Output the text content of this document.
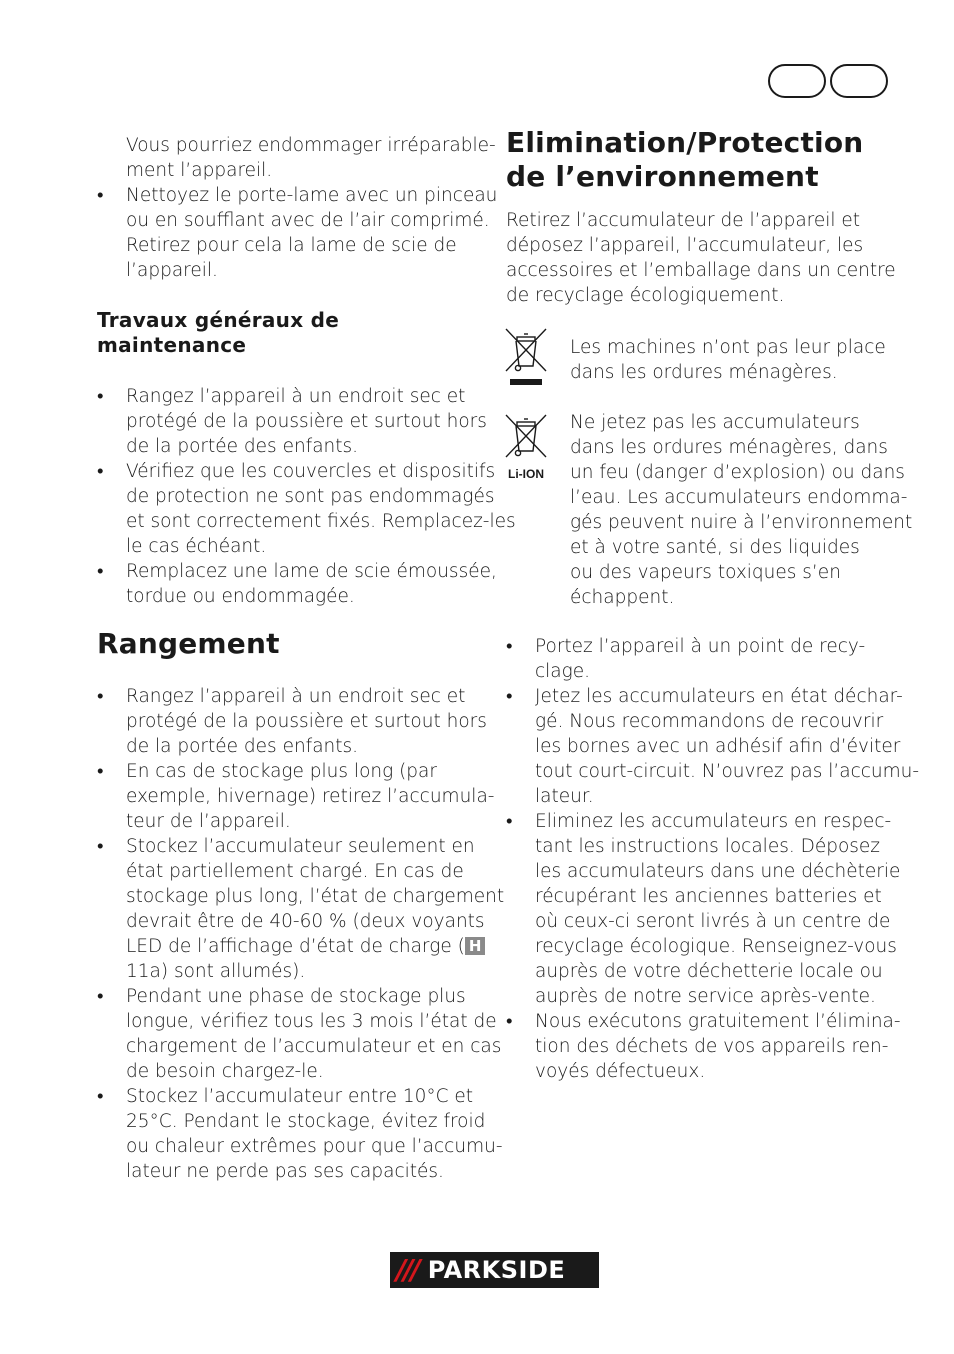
Vous pourriez endommager irréparable-
ment l’appareil.
• Nettoyez le porte-lame avec un pinceau
ou en soufflant avec de l’air comprimé.
Retirez pour cela la lame de scie de
l’appareil.
Travaux généraux de
maintenance
• Rangez l’appareil à un endroit sec et
protégé de la poussière et surtout hors
de la portée des enfants.
• Vérifiez que les couvercles et dispositifs
de protection ne sont pas endommagés
et sont correctement fixés. Remplacez-les
le cas échéant.
• Remplacez une lame de scie émoussée,
tordue ou endommagée.
Rangement
• Rangez l’appareil à un endroit sec et
protégé de la poussière et surtout hors
de la portée des enfants.
• En cas de stockage plus long (par
exemple, hivernage) retirez l’accumula-
teur de l’appareil.
• Stockez l’accumulateur seulement en
état partiellement chargé. En cas de
stockage plus long, l’état de chargement
devrait être de 40-60 % (deux voyants
LED de l’affichage d’état de charge ( H
11a) sont allumés).
• Pendant une phase de stockage plus
longue, vérifiez tous les 3 mois l’état de
chargement de l’accumulateur et en cas
de besoin chargez-le.
• Stockez l’accumulateur entre 10°C et
25°C. Pendant le stockage, évitez froid
ou chaleur extrêmes pour que l’accumu-
lateur ne perde pas ses capacités.
Elimination/Protection
de l’environnement
Retirez l’accumulateur de l’appareil et
déposez l’appareil, l’accumulateur, les
accessoires et l’emballage dans un centre
de recyclage écologiquement.
Les machines n’ont pas leur place
dans les ordures ménagères.
Li-ION
Ne jetez pas les accumulateurs
dans les ordures ménagères, dans
un feu (danger d’explosion) ou dans
l’eau. Les accumulateurs endomma-
gés peuvent nuire à l’environnement
et à votre santé, si des liquides
ou des vapeurs toxiques s’en
échappent.
• Portez l’appareil à un point de recy-
clage.
• Jetez les accumulateurs en état déchar-
gé. Nous recommandons de recouvrir
les bornes avec un adhésif afin d’éviter
tout court-circuit. N’ouvrez pas l’accumu-
lateur.
• Eliminez les accumulateurs en respec-
tant les instructions locales. Déposez
les accumulateurs dans une déchèterie
récupérant les anciennes batteries et
où ceux-ci seront livrés à un centre de
recyclage écologique. Renseignez-vous
auprès de votre déchetterie locale ou
auprès de notre service après-vente.
• Nous exécutons gratuitement l’élimina-
tion des déchets de vos appareils ren-
voyés défectueux.
/// PARKSIDE
